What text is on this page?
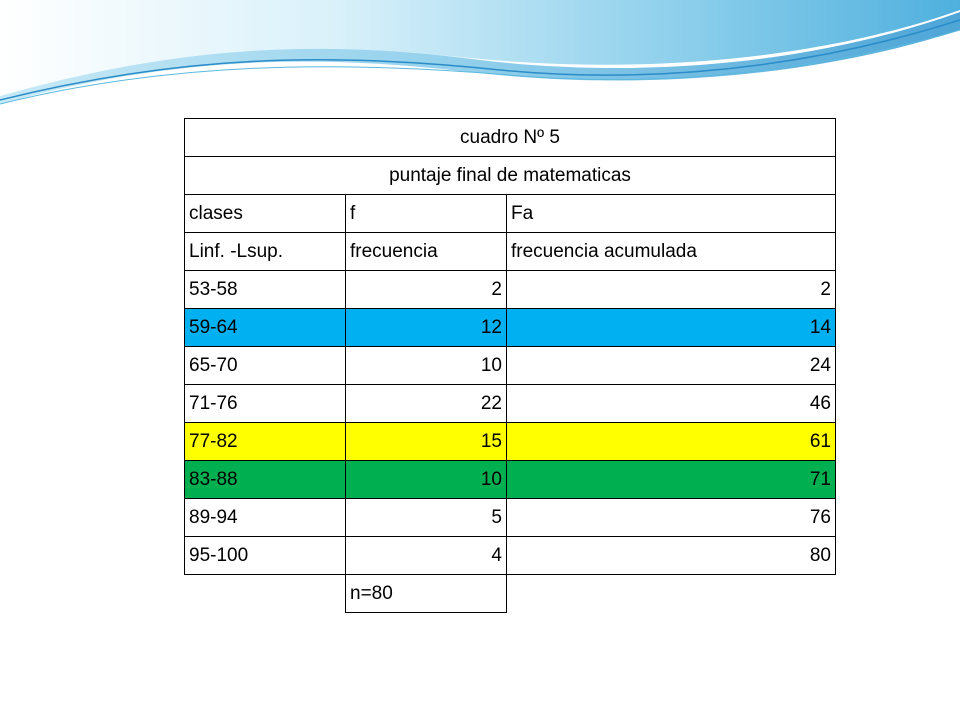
cuadro Nº 5		
puntaje final de matematicas		
clases	f	Fa
Linf. -Lsup.	frecuencia	frecuencia acumulada
53-58	2	2
59-64	12	14
65-70	10	24
71-76	22	46
77-82	15	61
83-88	10	71
89-94	5	76
95-100	4	80
	n=80	
